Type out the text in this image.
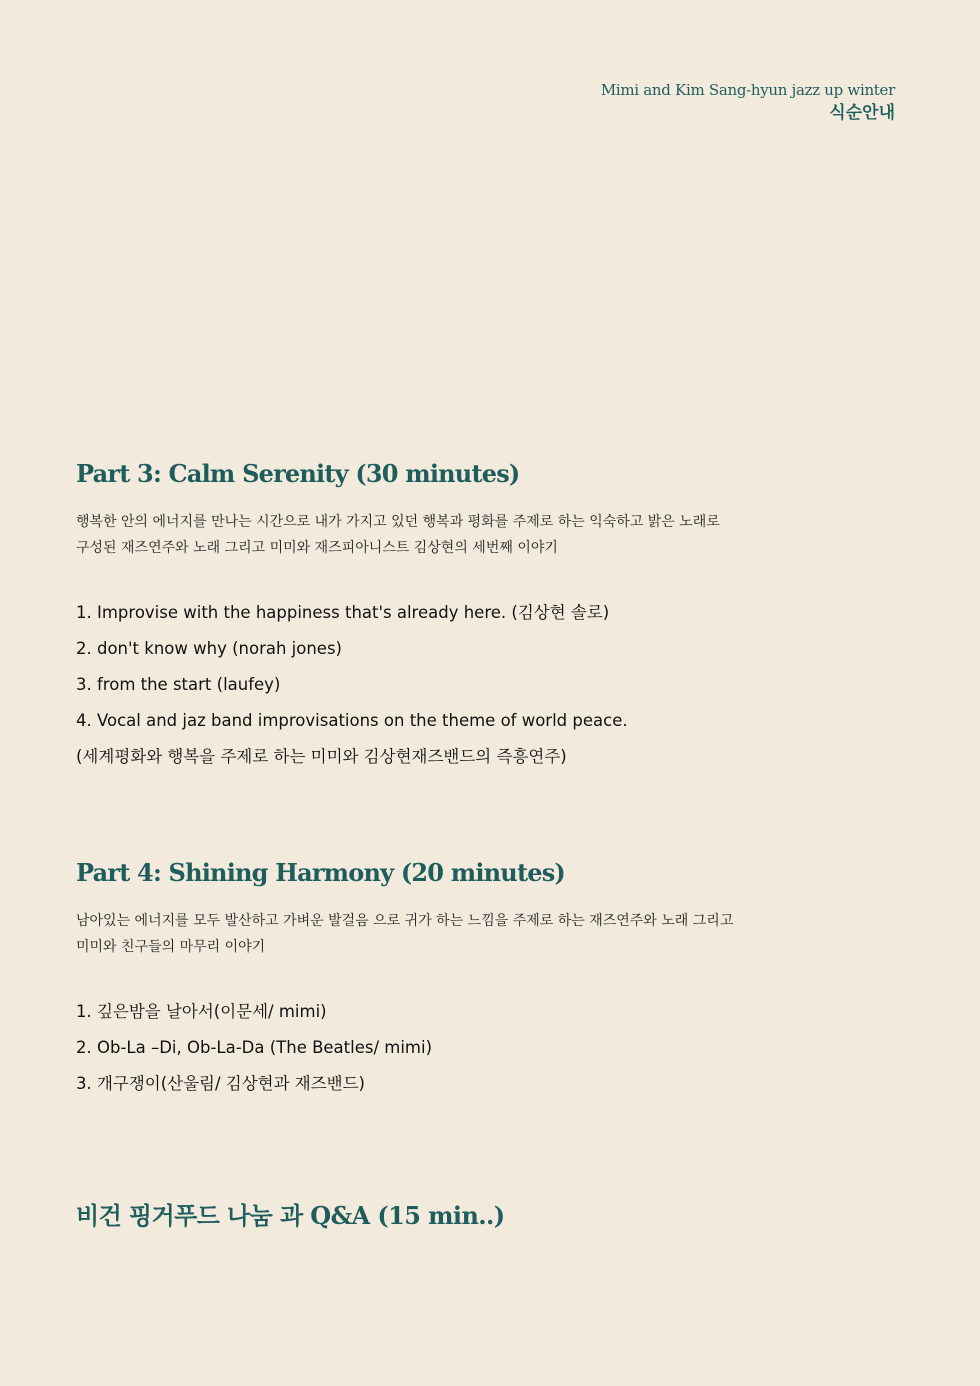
Mimi and Kim Sang-hyun jazz up winter
식순안내
Part 3: Calm Serenity (30 minutes)

행복한 안의 에너지를 만나는 시간으로 내가 가지고 있던 행복과 평화를 주제로 하는 익숙하고 밝은 노래로

구성된 재즈연주와 노래 그리고 미미와 재즈피아니스트 김상현의 세번째 이야기

1. Improvise with the happiness that's already here. (김상현 솔로)
2. don't know why (norah jones)
3. from the start (laufey)
4. Vocal and jaz band improvisations on the theme of world peace.
(세계평화와 행복을 주제로 하는 미미와 김상현재즈밴드의 즉흥연주)
Part 4: Shining Harmony (20 minutes)

남아있는 에너지를 모두 발산하고 가벼운 발걸음 으로 귀가 하는 느낌을 주제로 하는 재즈연주와 노래 그리고

미미와 친구들의 마무리 이야기

1. 깊은밤을 날아서(이문세/ mimi)
2. Ob-La –Di, Ob-La-Da (The Beatles/ mimi)
3. 개구쟁이(산울림/ 김상현과 재즈밴드)
비건 핑거푸드 나눔 과 Q&A (15 min..)
